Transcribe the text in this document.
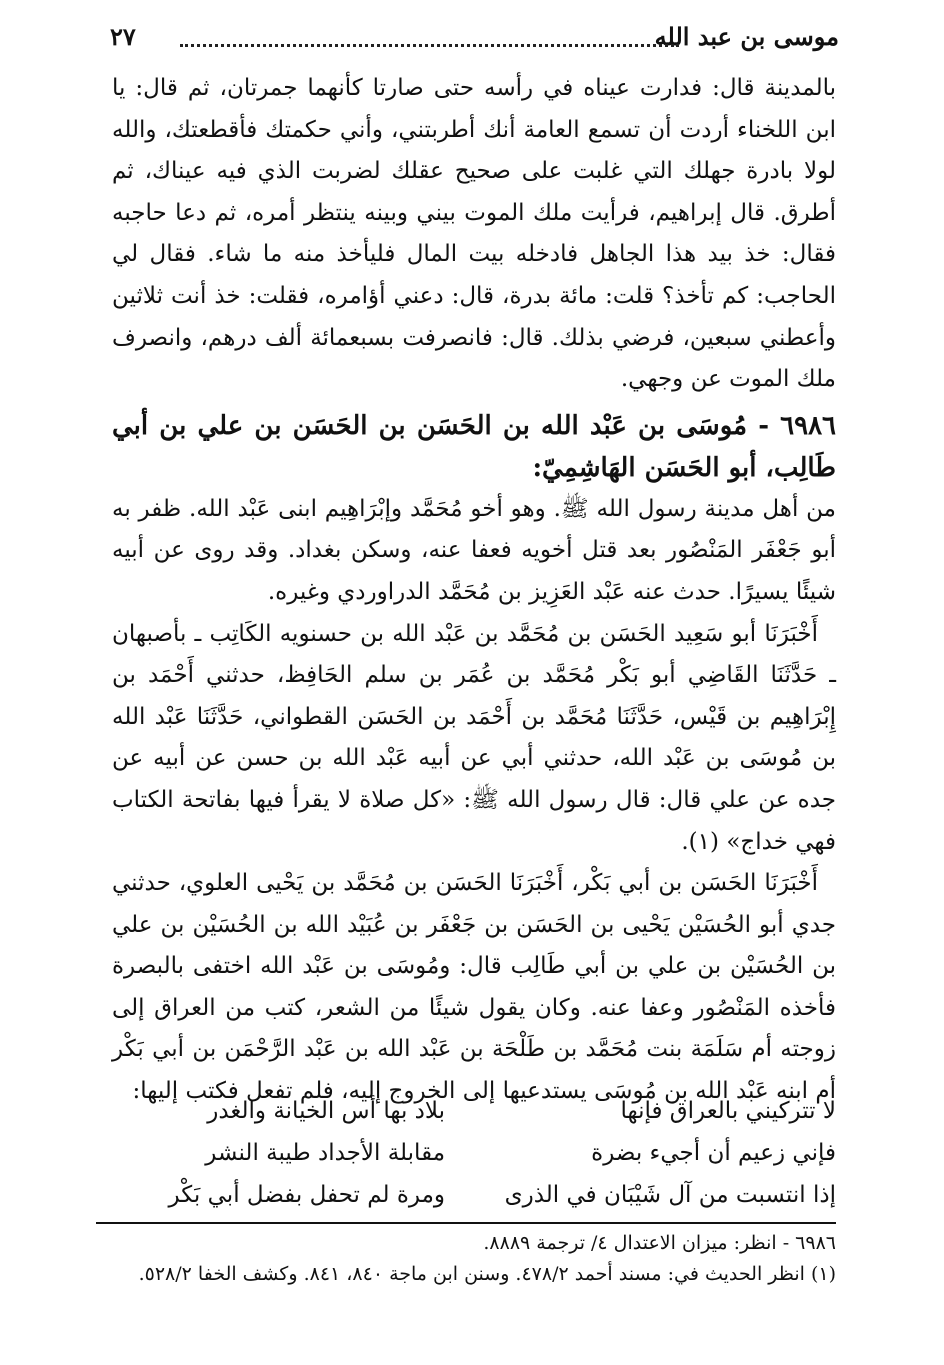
موسى بن عبد الله
٢٧

بالمدينة قال: فدارت عيناه في رأسه حتى صارتا كأنهما جمرتان، ثم قال: يا ابن اللخناء أردت أن تسمع العامة أنك أطربتني، وأني حكمتك فأقطعتك، والله لولا بادرة جهلك التي غلبت على صحيح عقلك لضربت الذي فيه عيناك، ثم أطرق. قال إبراهيم، فرأيت ملك الموت بيني وبينه ينتظر أمره، ثم دعا حاجبه فقال: خذ بيد هذا الجاهل فادخله بيت المال فليأخذ منه ما شاء. فقال لي الحاجب: كم تأخذ؟ قلت: مائة بدرة، قال: دعني أؤامره، فقلت: خذ أنت ثلاثين وأعطني سبعين، فرضي بذلك. قال: فانصرفت بسبعمائة ألف درهم، وانصرف ملك الموت عن وجهي.

٦٩٨٦ - مُوسَى بن عَبْد الله بن الحَسَن بن الحَسَن بن علي بن أبي طَالِب، أبو الحَسَن الهَاشِمِيّ:

من أهل مدينة رسول الله ﷺ. وهو أخو مُحَمَّد وإبْرَاهِيم ابنى عَبْد الله. ظفر به أبو جَعْفَر المَنْصُور بعد قتل أخويه فعفا عنه، وسكن بغداد. وقد روى عن أبيه شيئًا يسيرًا. حدث عنه عَبْد العَزِيز بن مُحَمَّد الدراوردي وغيره.

أَخْبَرَنَا أبو سَعِيد الحَسَن بن مُحَمَّد بن عَبْد الله بن حسنويه الكَاتِب ـ بأصبهان ـ حَدَّثَنَا القَاضِي أبو بَكْر مُحَمَّد بن عُمَر بن سلم الحَافِظ، حدثني أَحْمَد بن إِبْرَاهِيم بن قَيْس، حَدَّثَنَا مُحَمَّد بن أَحْمَد بن الحَسَن القطواني، حَدَّثَنَا عَبْد الله بن مُوسَى بن عَبْد الله، حدثني أبي عن أبيه عَبْد الله بن حسن عن أبيه عن جده عن علي قال: قال رسول الله ﷺ: «كل صلاة لا يقرأ فيها بفاتحة الكتاب فهي خداج» (١).

أَخْبَرَنَا الحَسَن بن أبي بَكْر، أَخْبَرَنَا الحَسَن بن مُحَمَّد بن يَحْيى العلوي، حدثني جدي أبو الحُسَيْن يَحْيى بن الحَسَن بن جَعْفَر بن عُبَيْد الله بن الحُسَيْن بن علي بن الحُسَيْن بن علي بن أبي طَالِب قال: ومُوسَى بن عَبْد الله اختفى بالبصرة فأخذه المَنْصُور وعفا عنه. وكان يقول شيئًا من الشعر، كتب من العراق إلى زوجته أم سَلَمَة بنت مُحَمَّد بن طَلْحَة بن عَبْد الله بن عَبْد الرَّحْمَن بن أبي بَكْر أم ابنه عَبْد الله بن مُوسَى يستدعيها إلى الخروج إليه، فلم تفعل فكتب إليها:

لا تتركيني بالعراق فإنها
بلاد بها أس الخيانة والغدر
فإني زعيم أن أجيء بضرة
مقابلة الأجداد طيبة النشر
إذا انتسبت من آل شَيْبَان في الذرى
ومرة لم تحفل بفضل أبي بَكْر

٦٩٨٦ - انظر: ميزان الاعتدال ٤/ ترجمة ٨٨٨٩.

(١) انظر الحديث في: مسند أحمد ٤٧٨/٢. وسنن ابن ماجة ٨٤٠، ٨٤١. وكشف الخفا ٥٢٨/٢.
